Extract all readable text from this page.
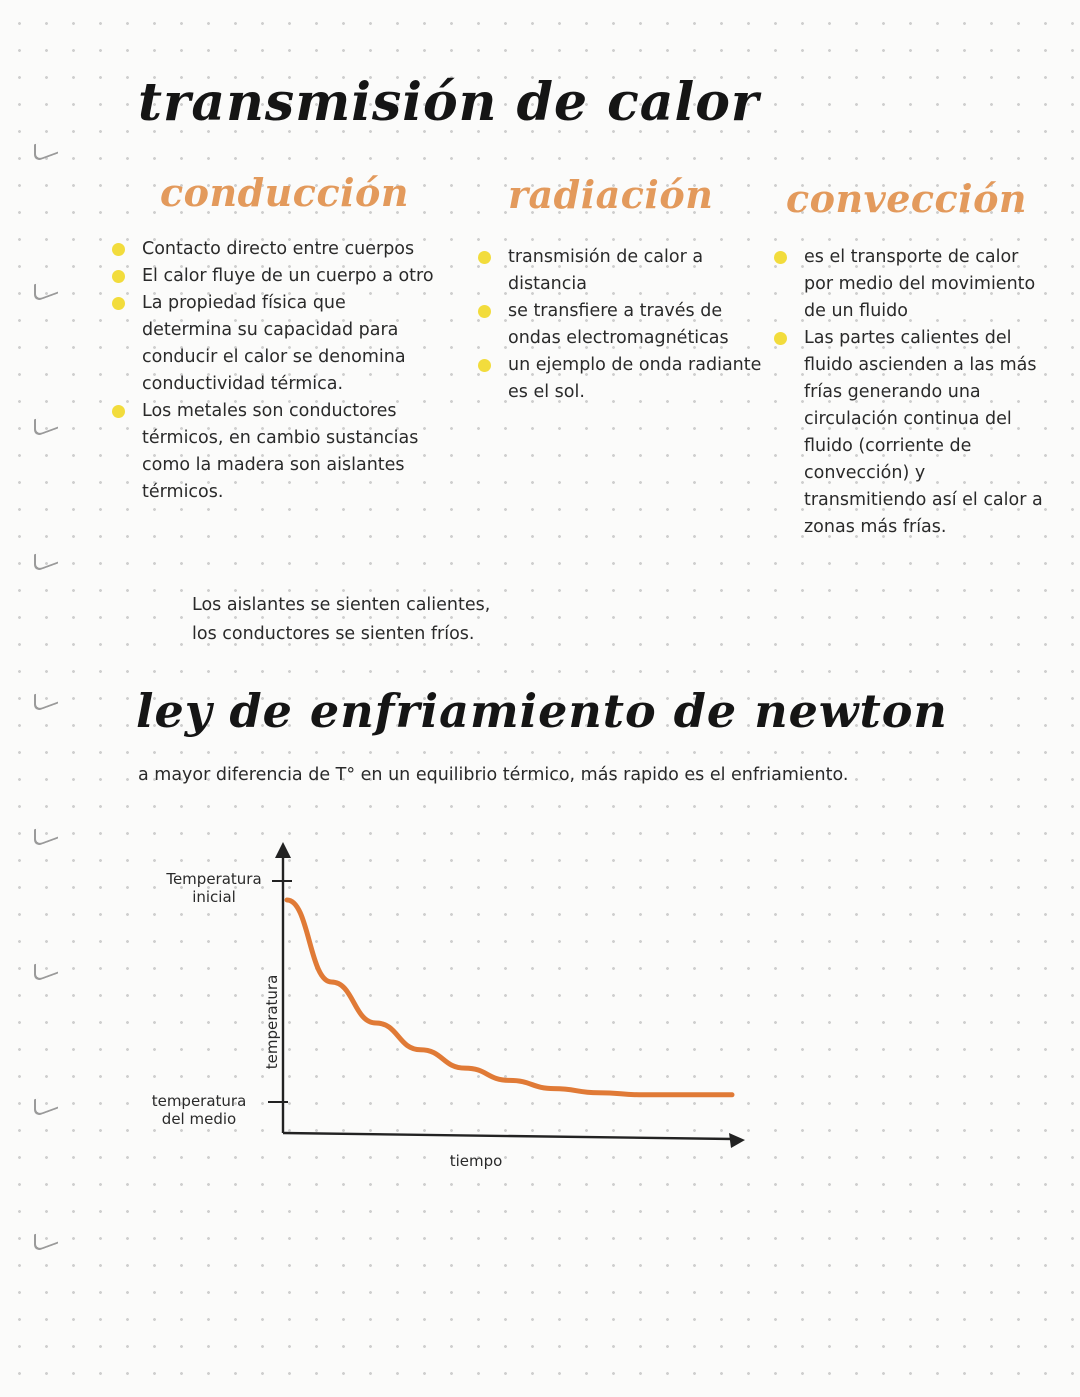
transmisión de calor
conducción
Contacto directo entre cuerpos
El calor fluye de un cuerpo a otro
La propiedad física que determina su capacidad para conducir el calor se denomina conductividad térmica.
Los metales son conductores térmicos, en cambio sustancias como la madera son aislantes térmicos.
radiación
transmisión de calor a distancia
se transfiere a través de ondas electromagnéticas
un ejemplo de onda radiante es el sol.
convección
es el transporte de calor por medio del movimiento de un fluido
Las partes calientes del fluido ascienden a las más frías generando una circulación continua del fluido (corriente de convección) y transmitiendo así el calor a zonas más frías.
Los aislantes se sienten calientes,
los conductores se sienten fríos.
ley de enfriamiento de newton
a mayor diferencia de T° en un equilibrio térmico, más rapido es el enfriamiento.
temperatura
tiempo
Temperatura inicial
temperatura del medio
